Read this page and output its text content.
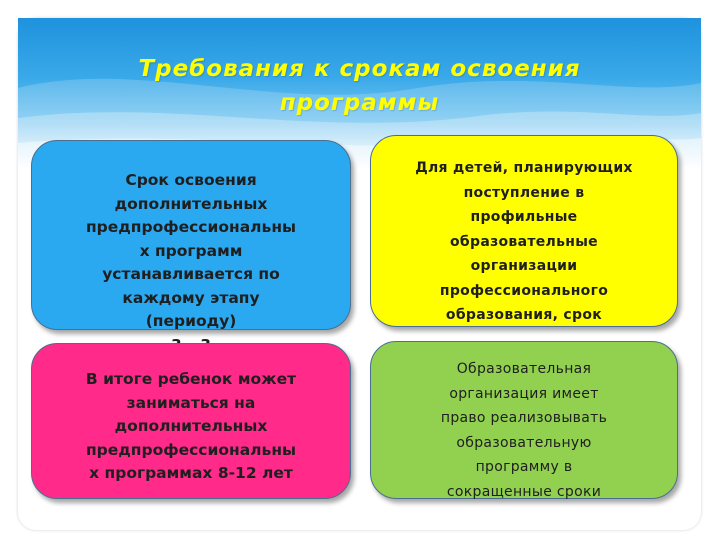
Требования к срокам освоения
программы
Срок освоения
дополнительных
предпрофессиональны
х программ
устанавливается по
каждому этапу
(периоду)
Для детей, планирующих
поступление в
профильные
образовательные
организации
профессионального
образования, срок
В итоге ребенок может
заниматься на
дополнительных
предпрофессиональны
х программах 8-12 лет
Образовательная
организация имеет
право реализовывать
образовательную
программу в
сокращенные сроки
